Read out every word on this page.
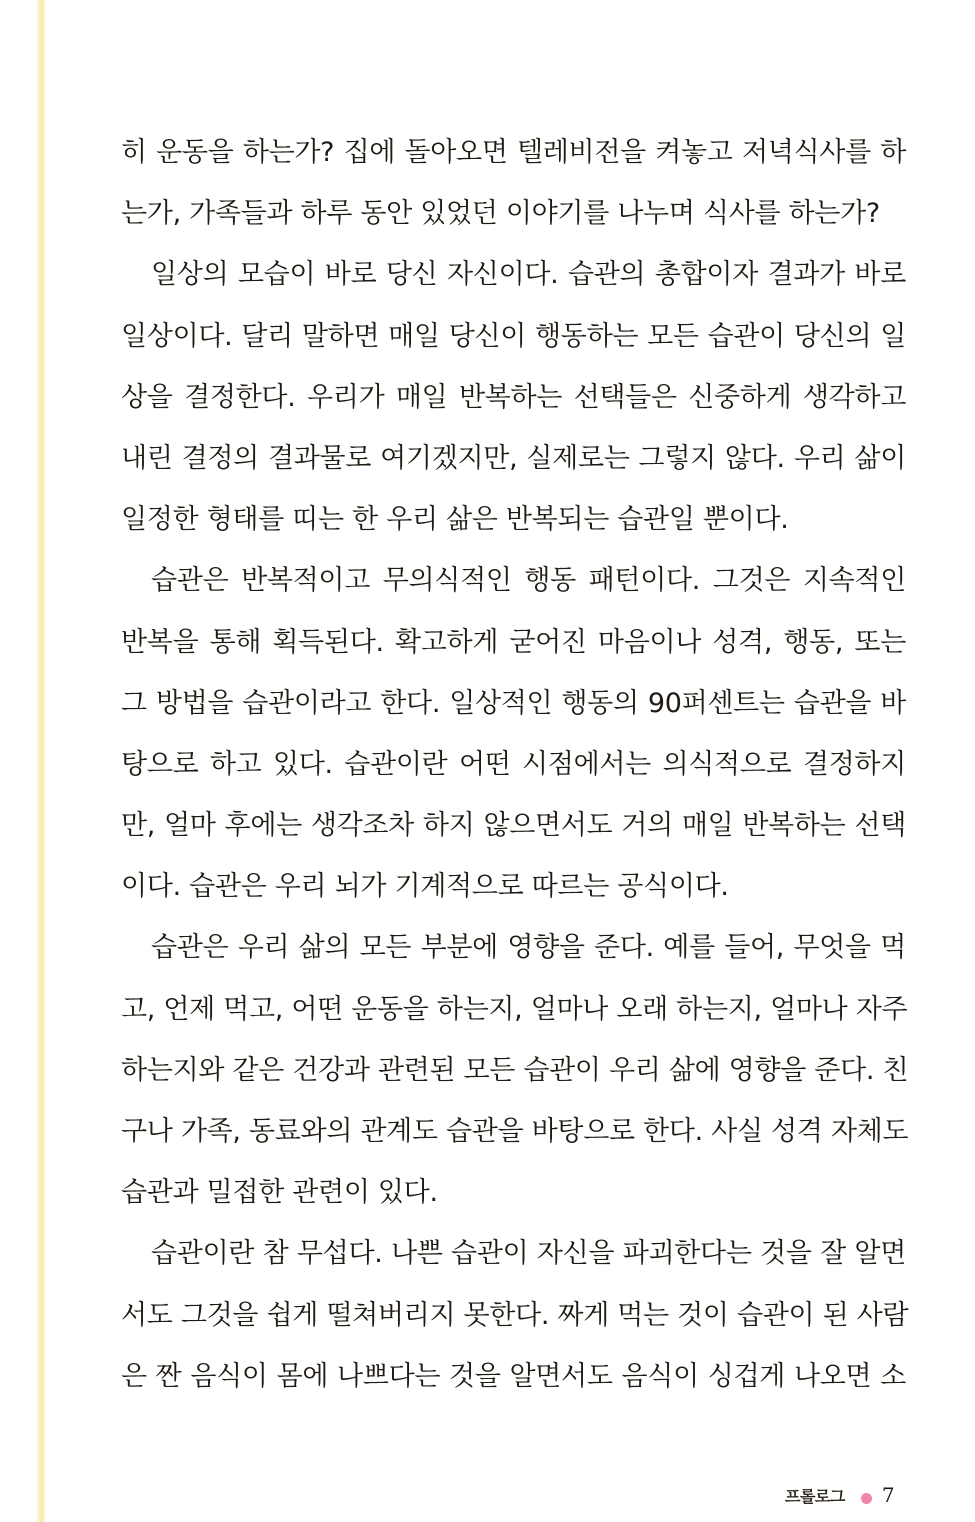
히 운동을 하는가? 집에 돌아오면 텔레비전을 켜놓고 저녁식사를 하
는가, 가족들과 하루 동안 있었던 이야기를 나누며 식사를 하는가?
일상의 모습이 바로 당신 자신이다. 습관의 총합이자 결과가 바로
일상이다. 달리 말하면 매일 당신이 행동하는 모든 습관이 당신의 일
상을 결정한다. 우리가 매일 반복하는 선택들은 신중하게 생각하고
내린 결정의 결과물로 여기겠지만, 실제로는 그렇지 않다. 우리 삶이
일정한 형태를 띠는 한 우리 삶은 반복되는 습관일 뿐이다.
습관은 반복적이고 무의식적인 행동 패턴이다. 그것은 지속적인
반복을 통해 획득된다. 확고하게 굳어진 마음이나 성격, 행동, 또는
그 방법을 습관이라고 한다. 일상적인 행동의 90퍼센트는 습관을 바
탕으로 하고 있다. 습관이란 어떤 시점에서는 의식적으로 결정하지
만, 얼마 후에는 생각조차 하지 않으면서도 거의 매일 반복하는 선택
이다. 습관은 우리 뇌가 기계적으로 따르는 공식이다.
습관은 우리 삶의 모든 부분에 영향을 준다. 예를 들어, 무엇을 먹
고, 언제 먹고, 어떤 운동을 하는지, 얼마나 오래 하는지, 얼마나 자주
하는지와 같은 건강과 관련된 모든 습관이 우리 삶에 영향을 준다. 친
구나 가족, 동료와의 관계도 습관을 바탕으로 한다. 사실 성격 자체도
습관과 밀접한 관련이 있다.
습관이란 참 무섭다. 나쁜 습관이 자신을 파괴한다는 것을 잘 알면
서도 그것을 쉽게 떨쳐버리지 못한다. 짜게 먹는 것이 습관이 된 사람
은 짠 음식이 몸에 나쁘다는 것을 알면서도 음식이 싱겁게 나오면 소
프롤로그 7
